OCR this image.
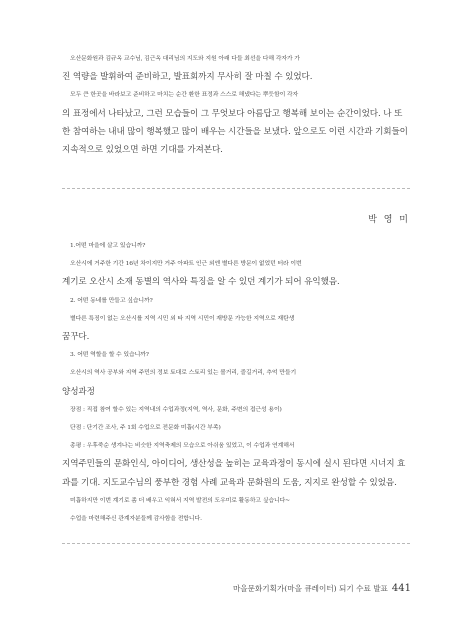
오산문화원과 김규옥 교수님, 김근옥 대리님의 지도와 지원 아래 다들 최선을 다해 각자가 가

진 역량을 발휘하여 준비하고, 발표회까지 무사히 잘 마칠 수 있었다.

모두 큰 한곳을 바라보고 준비하고 마치는 순간 환한 표정과 스스로 해냈다는 뿌듯함이 각자

의 표정에서 나타났고, 그런 모습들이 그 무엇보다 아름답고 행복해 보이는 순간이었다. 나 또

한 참여하는 내내 많이 행복했고 많이 배우는 시간들을 보냈다. 앞으로도 이런 시간과 기회들이

지속적으로 있었으면 하면 기대를 가져본다.

박 영 미

1.어떤 마을에 살고 있습니까?

오산시에 거주한 기간 16년 차이지만 거주 아파트 인근 외엔 별다른 방문이 없었던 터라 이번

계기로 오산시 소재 동별의 역사와 특징을 알 수 있던 계기가 되어 유익했음.

2. 어떤 동네를 만들고 싶습니까?

별다른 특징이 없는 오산시를 지역 시민 외 타 지역 시민이 재방문 가능한 지역으로 재탄생

꿈꾸다.

3. 어떤 역할을 할 수 있습니까?

오산시의 역사 공부와 지역 주민의 정보 토대로 스토리 있는 볼거리, 즐길거리, 추억 만들기

양성과정

장점 : 직접 참여 할수 있는 지역내의 수업과정(지역, 역사, 문화, 주변의 접근성 용이)

단점 : 단기간 조사, 주 1회 수업으로 전문화 미흡(시간 부족)

총평 : 우후죽순 생겨나는 비슷한 지역축제의 모습으로 아쉬움 있었고, 이 수업과 연계해서

지역주민들의 문화인식, 아이디어, 생산성을 높히는 교육과정이 동시에 실시 된다면 시너지 효

과를 기대. 지도교수님의 풍부한 경험 사례 교육과 문화원의 도움, 지지로 완성할 수 있었음.

미흡하지만 이번 계기로 좀 더 배우고 익혀서 지역 발전의 도우미로 활동하고 싶습니다~

수업을 마련해주신 관계자분들께 감사함을 전합니다.

마을문화기획가(마을 큐레이터) 되기 수료 발표 441
